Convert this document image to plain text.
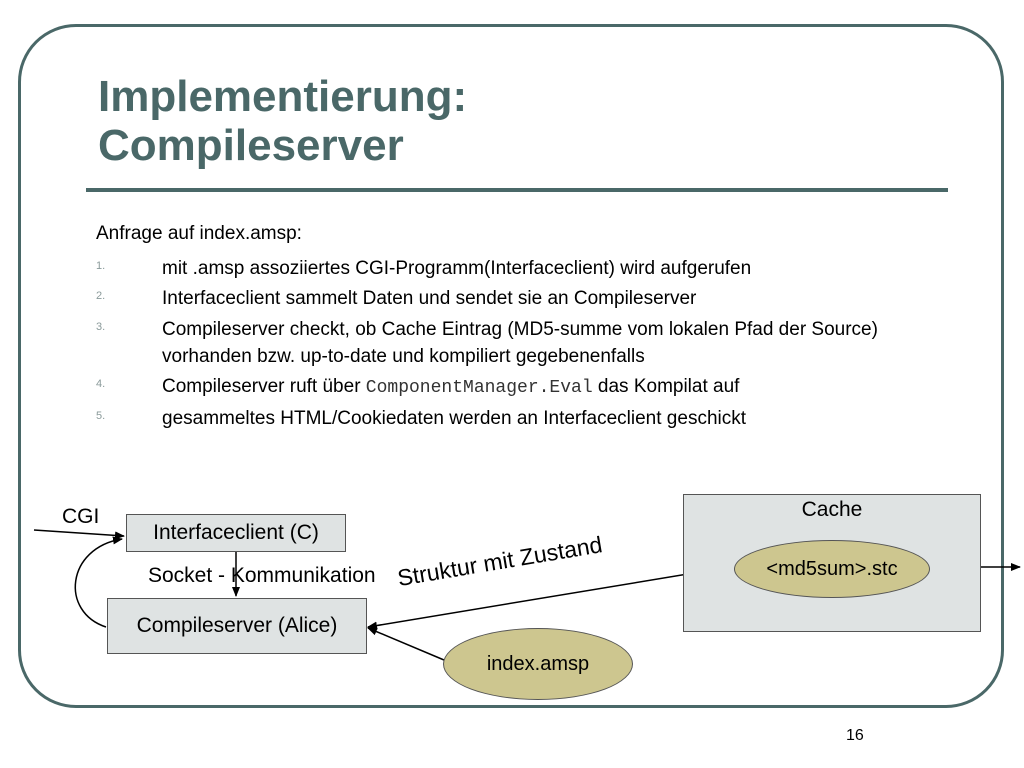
Implementierung:
Compileserver
Anfrage auf index.amsp:
1.	mit .amsp assoziiertes CGI-Programm(Interfaceclient) wird aufgerufen
2.	Interfaceclient sammelt Daten und sendet sie an Compileserver
3.	Compileserver checkt, ob Cache Eintrag (MD5-summe vom lokalen Pfad der Source) vorhanden bzw. up-to-date und kompiliert gegebenenfalls
4.	Compileserver ruft über ComponentManager.Eval das Kompilat auf
5.	gesammeltes HTML/Cookiedaten werden an Interfaceclient geschickt
CGI
Interfaceclient (C)
Socket - Kommunikation
Compileserver (Alice)
Cache
<md5sum>.stc
index.amsp
Struktur mit Zustand
16
